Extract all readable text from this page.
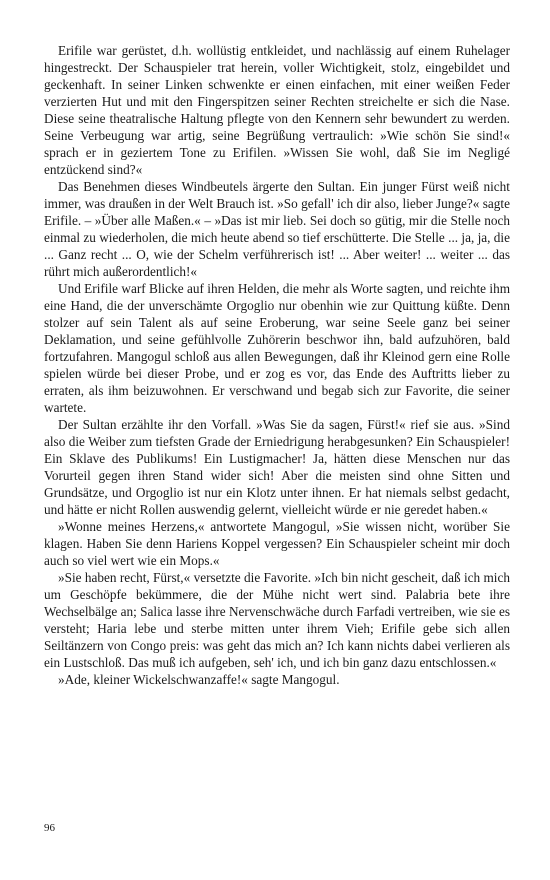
Erifile war gerüstet, d.h. wollüstig entkleidet, und nachlässig auf einem Ruhelager hingestreckt. Der Schauspieler trat herein, voller Wichtigkeit, stolz, eingebildet und geckenhaft. In seiner Linken schwenkte er einen einfachen, mit einer weißen Feder verzierten Hut und mit den Fingerspitzen seiner Rechten streichelte er sich die Nase. Diese seine theatralische Haltung pflegte von den Kennern sehr bewundert zu werden. Seine Verbeugung war artig, seine Begrüßung vertraulich: »Wie schön Sie sind!« sprach er in geziertem Tone zu Erifilen. »Wissen Sie wohl, daß Sie im Negligé entzückend sind?«

Das Benehmen dieses Windbeutels ärgerte den Sultan. Ein junger Fürst weiß nicht immer, was draußen in der Welt Brauch ist. »So gefall' ich dir also, lieber Junge?« sagte Erifile. – »Über alle Maßen.« – »Das ist mir lieb. Sei doch so gütig, mir die Stelle noch einmal zu wiederholen, die mich heute abend so tief erschütterte. Die Stelle ... ja, ja, die ... Ganz recht ... O, wie der Schelm verführerisch ist! ... Aber weiter! ... weiter ... das rührt mich außerordentlich!«

Und Erifile warf Blicke auf ihren Helden, die mehr als Worte sagten, und reichte ihm eine Hand, die der unverschämte Orgoglio nur obenhin wie zur Quittung küßte. Denn stolzer auf sein Talent als auf seine Eroberung, war seine Seele ganz bei seiner Deklamation, und seine gefühlvolle Zuhörerin beschwor ihn, bald aufzuhören, bald fortzufahren. Mangogul schloß aus allen Bewegungen, daß ihr Kleinod gern eine Rolle spielen würde bei dieser Probe, und er zog es vor, das Ende des Auftritts lieber zu erraten, als ihm beizuwohnen. Er verschwand und begab sich zur Favorite, die seiner wartete.

Der Sultan erzählte ihr den Vorfall. »Was Sie da sagen, Fürst!« rief sie aus. »Sind also die Weiber zum tiefsten Grade der Erniedrigung herabgesunken? Ein Schauspieler! Ein Sklave des Publikums! Ein Lustigmacher! Ja, hätten diese Menschen nur das Vorurteil gegen ihren Stand wider sich! Aber die meisten sind ohne Sitten und Grundsätze, und Orgoglio ist nur ein Klotz unter ihnen. Er hat niemals selbst gedacht, und hätte er nicht Rollen auswendig gelernt, vielleicht würde er nie geredet haben.«

»Wonne meines Herzens,« antwortete Mangogul, »Sie wissen nicht, worüber Sie klagen. Haben Sie denn Hariens Koppel vergessen? Ein Schauspieler scheint mir doch auch so viel wert wie ein Mops.«

»Sie haben recht, Fürst,« versetzte die Favorite. »Ich bin nicht gescheit, daß ich mich um Geschöpfe bekümmere, die der Mühe nicht wert sind. Palabria bete ihre Wechselbälge an; Salica lasse ihre Nervenschwäche durch Farfadi vertreiben, wie sie es versteht; Haria lebe und sterbe mitten unter ihrem Vieh; Erifile gebe sich allen Seiltänzern von Congo preis: was geht das mich an? Ich kann nichts dabei verlieren als ein Lustschloß. Das muß ich aufgeben, seh' ich, und ich bin ganz dazu entschlossen.«

»Ade, kleiner Wickelschwanzaffe!« sagte Mangogul.

96
